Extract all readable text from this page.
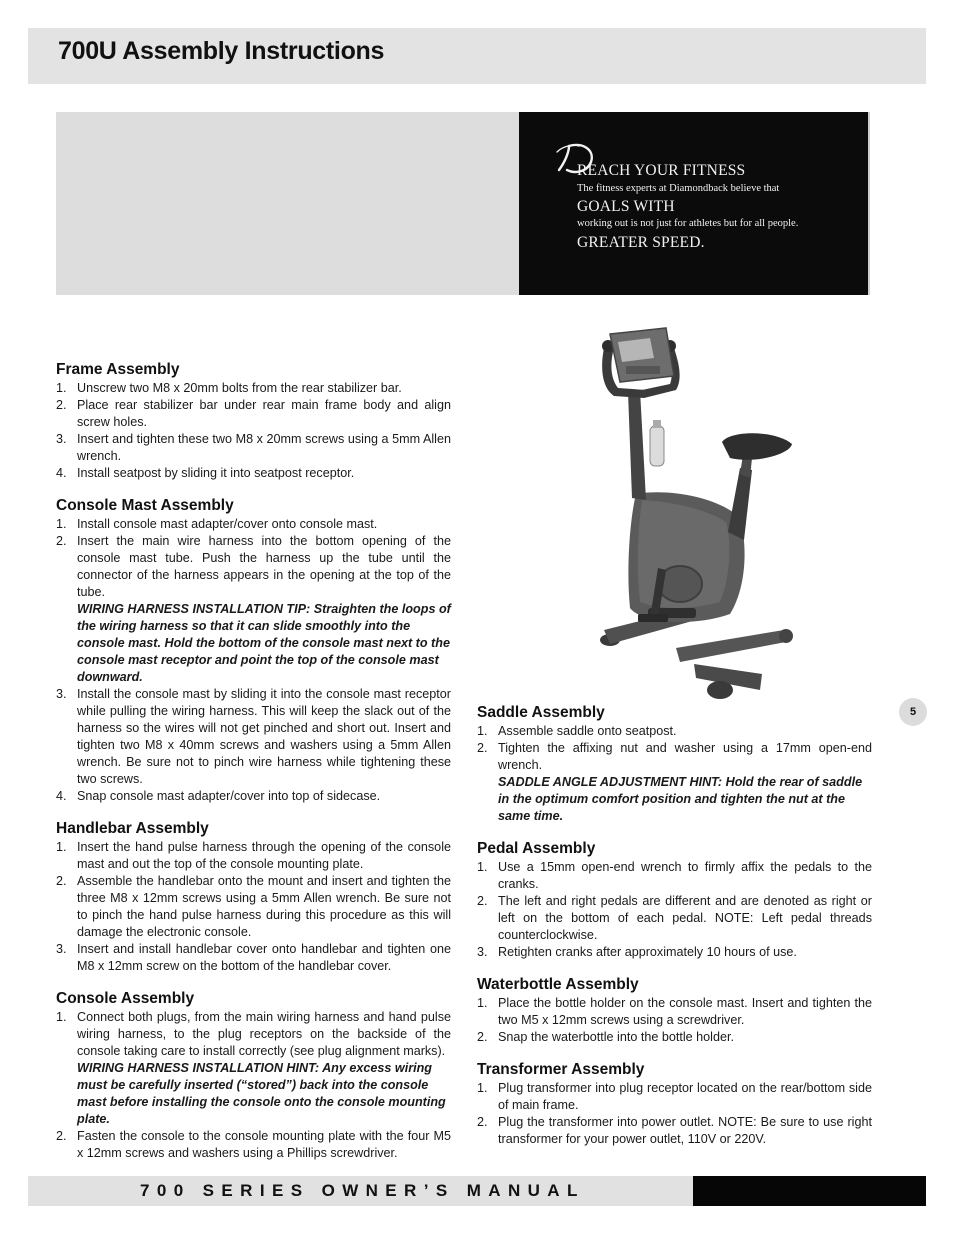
700U Assembly Instructions

REACH YOUR FITNESS

The fitness experts at Diamondback believe that

GOALS WITH

working out is not just for athletes but for all people.

GREATER SPEED.

Frame Assembly
1. Unscrew two M8 x 20mm bolts from the rear stabilizer bar.
2. Place rear stabilizer bar under rear main frame body and align screw holes.
3. Insert and tighten these two M8 x 20mm screws using a 5mm Allen wrench.
4. Install seatpost by sliding it into seatpost receptor.
Console Mast Assembly
1. Install console mast adapter/cover onto console mast.
2. Insert the main wire harness into the bottom opening of the console mast tube. Push the harness up the tube until the connector of the harness appears in the opening at the top of the tube.
WIRING HARNESS INSTALLATION TIP: Straighten the loops of the wiring harness so that it can slide smoothly into the console mast. Hold the bottom of the console mast next to the console mast receptor and point the top of the console mast downward.
3. Install the console mast by sliding it into the console mast receptor while pulling the wiring harness. This will keep the slack out of the harness so the wires will not get pinched and short out. Insert and tighten two M8 x 40mm screws and washers using a 5mm Allen wrench. Be sure not to pinch wire harness while tightening these two screws.
4. Snap console mast adapter/cover into top of sidecase.
Handlebar Assembly
1. Insert the hand pulse harness through the opening of the console mast and out the top of the console mounting plate.
2. Assemble the handlebar onto the mount and insert and tighten the three M8 x 12mm screws using a 5mm Allen wrench. Be sure not to pinch the hand pulse harness during this procedure as this will damage the electronic console.
3. Insert and install handlebar cover onto handlebar and tighten one M8 x 12mm screw on the bottom of the handlebar cover.
Console Assembly
1. Connect both plugs, from the main wiring harness and hand pulse wiring harness, to the plug receptors on the backside of the console taking care to install correctly (see plug alignment marks).
WIRING HARNESS INSTALLATION HINT: Any excess wiring must be carefully inserted (“stored”) back into the console mast before installing the console onto the console mounting plate.
2. Fasten the console to the console mounting plate with the four M5 x 12mm screws and washers using a Phillips screwdriver.
Saddle Assembly
1. Assemble saddle onto seatpost.
2. Tighten the affixing nut and washer using a 17mm open-end wrench.
SADDLE ANGLE ADJUSTMENT HINT: Hold the rear of saddle in the optimum comfort position and tighten the nut at the same time.
Pedal Assembly
1. Use a 15mm open-end wrench to firmly affix the pedals to the cranks.
2. The left and right pedals are different and are denoted as right or left on the bottom of each pedal. NOTE: Left pedal threads counterclockwise.
3. Retighten cranks after approximately 10 hours of use.
Waterbottle Assembly
1. Place the bottle holder on the console mast. Insert and tighten the two M5 x 12mm screws using a screwdriver.
2. Snap the waterbottle into the bottle holder.
Transformer Assembly
1. Plug transformer into plug receptor located on the rear/bottom side of main frame.
2. Plug the transformer into power outlet. NOTE: Be sure to use right transformer for your power outlet, 110V or 220V.
5
700 SERIES OWNER’S MANUAL
